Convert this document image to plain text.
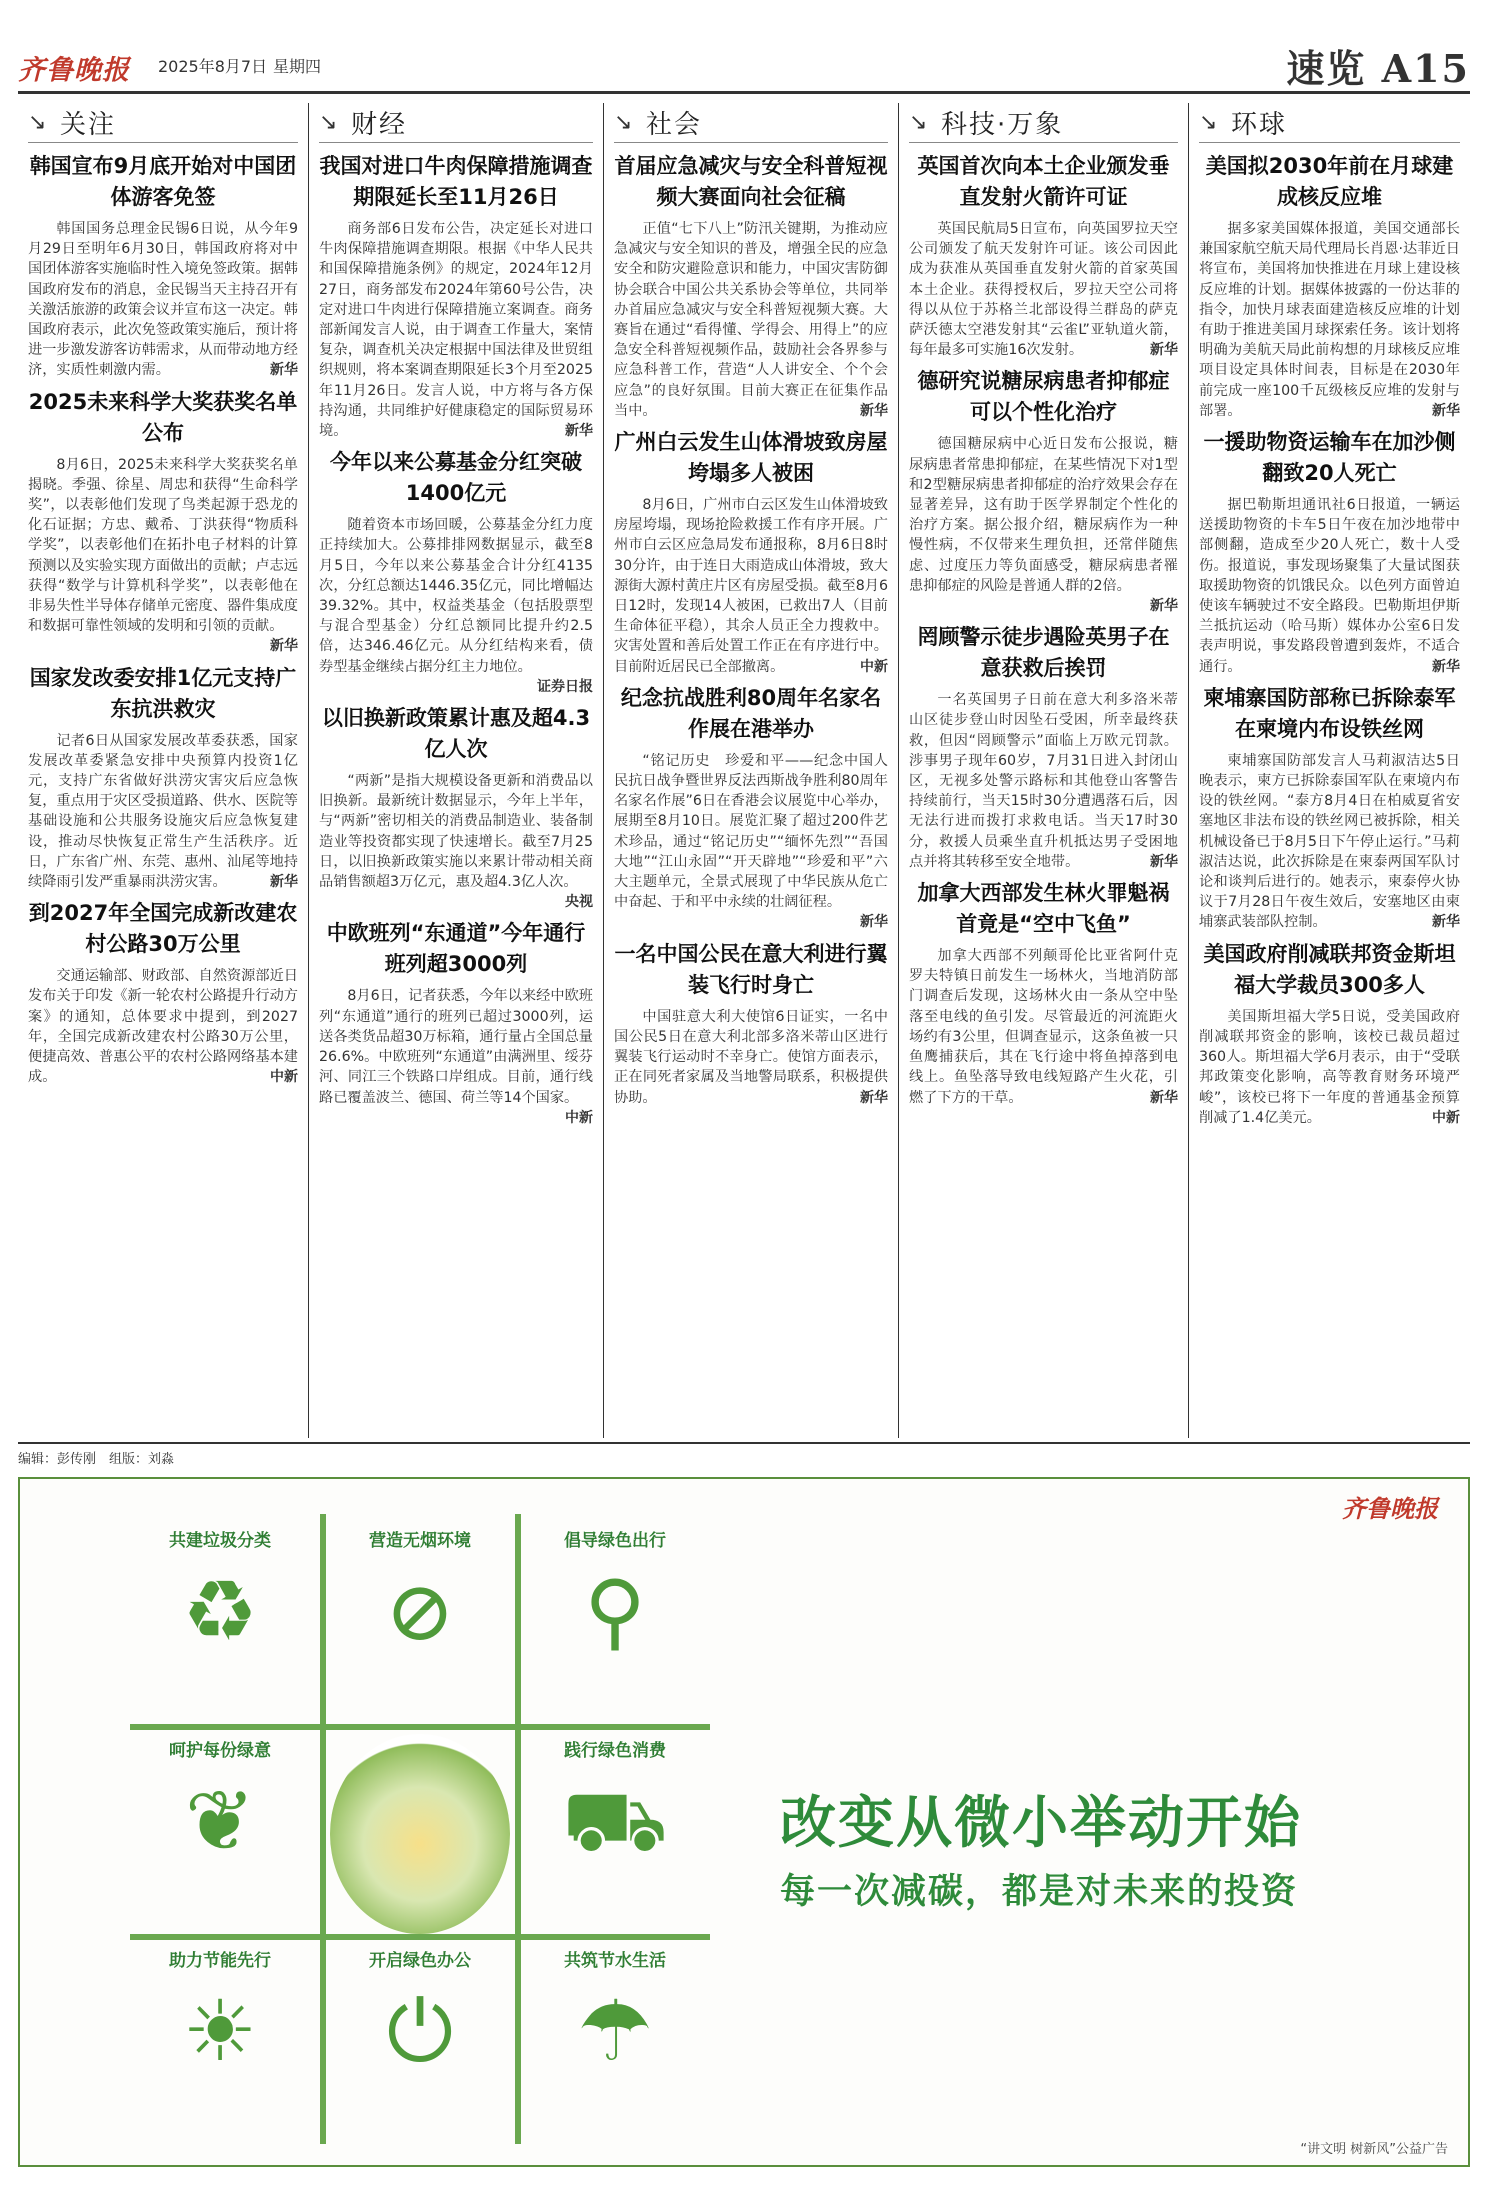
齐鲁晚报 2025年8月7日 星期四	速览 A15
↘ 关注
韩国宣布9月底开始对中国团体游客免签

韩国国务总理金民锡6日说，从今年9月29日至明年6月30日，韩国政府将对中国团体游客实施临时性入境免签政策。据韩国政府发布的消息，金民锡当天主持召开有关激活旅游的政策会议并宣布这一决定。韩国政府表示，此次免签政策实施后，预计将进一步激发游客访韩需求，从而带动地方经济，实质性刺激内需。	新华

2025未来科学大奖获奖名单公布

8月6日，2025未来科学大奖获奖名单揭晓。季强、徐星、周忠和获得“生命科学奖”，以表彰他们发现了鸟类起源于恐龙的化石证据；方忠、戴希、丁洪获得“物质科学奖”，以表彰他们在拓扑电子材料的计算预测以及实验实现方面做出的贡献；卢志远获得“数学与计算机科学奖”，以表彰他在非易失性半导体存储单元密度、器件集成度和数据可靠性领域的发明和引领的贡献。
新华

国家发改委安排1亿元支持广东抗洪救灾

记者6日从国家发展改革委获悉，国家发展改革委紧急安排中央预算内投资1亿元，支持广东省做好洪涝灾害灾后应急恢复，重点用于灾区受损道路、供水、医院等基础设施和公共服务设施灾后应急恢复建设，推动尽快恢复正常生产生活秩序。近日，广东省广州、东莞、惠州、汕尾等地持续降雨引发严重暴雨洪涝灾害。	新华

到2027年全国完成新改建农村公路30万公里

交通运输部、财政部、自然资源部近日发布关于印发《新一轮农村公路提升行动方案》的通知，总体要求中提到，到2027年，全国完成新改建农村公路30万公里，便捷高效、普惠公平的农村公路网络基本建成。	中新

↘ 财经
我国对进口牛肉保障措施调查期限延长至11月26日

商务部6日发布公告，决定延长对进口牛肉保障措施调查期限。根据《中华人民共和国保障措施条例》的规定，2024年12月27日，商务部发布2024年第60号公告，决定对进口牛肉进行保障措施立案调查。商务部新闻发言人说，由于调查工作量大，案情复杂，调查机关决定根据中国法律及世贸组织规则，将本案调查期限延长3个月至2025年11月26日。发言人说，中方将与各方保持沟通，共同维护好健康稳定的国际贸易环境。	新华

今年以来公募基金分红突破1400亿元

随着资本市场回暖，公募基金分红力度正持续加大。公募排排网数据显示，截至8月5日，今年以来公募基金合计分红4135次，分红总额达1446.35亿元，同比增幅达39.32%。其中，权益类基金（包括股票型与混合型基金）分红总额同比提升约2.5倍，达346.46亿元。从分红结构来看，债券型基金继续占据分红主力地位。
证券日报

以旧换新政策累计惠及超4.3亿人次

“两新”是指大规模设备更新和消费品以旧换新。最新统计数据显示，今年上半年，与“两新”密切相关的消费品制造业、装备制造业等投资都实现了快速增长。截至7月25日，以旧换新政策实施以来累计带动相关商品销售额超3万亿元，惠及超4.3亿人次。
央视

中欧班列“东通道”今年通行班列超3000列

8月6日，记者获悉，今年以来经中欧班列“东通道”通行的班列已超过3000列，运送各类货品超30万标箱，通行量占全国总量26.6%。中欧班列“东通道”由满洲里、绥芬河、同江三个铁路口岸组成。目前，通行线路已覆盖波兰、德国、荷兰等14个国家。
中新

↘ 社会
首届应急减灾与安全科普短视频大赛面向社会征稿

正值“七下八上”防汛关键期，为推动应急减灾与安全知识的普及，增强全民的应急安全和防灾避险意识和能力，中国灾害防御协会联合中国公共关系协会等单位，共同举办首届应急减灾与安全科普短视频大赛。大赛旨在通过“看得懂、学得会、用得上”的应急安全科普短视频作品，鼓励社会各界参与应急科普工作，营造“人人讲安全、个个会应急”的良好氛围。目前大赛正在征集作品当中。	新华

广州白云发生山体滑坡致房屋垮塌多人被困

8月6日，广州市白云区发生山体滑坡致房屋垮塌，现场抢险救援工作有序开展。广州市白云区应急局发布通报称，8月6日8时30分许，由于连日大雨造成山体滑坡，致大源街大源村黄庄片区有房屋受损。截至8月6日12时，发现14人被困，已救出7人（目前生命体征平稳），其余人员正全力搜救中。灾害处置和善后处置工作正在有序进行中。目前附近居民已全部撤离。	中新

纪念抗战胜利80周年名家名作展在港举办

“铭记历史　珍爱和平——纪念中国人民抗日战争暨世界反法西斯战争胜利80周年名家名作展”6日在香港会议展览中心举办，展期至8月10日。展览汇聚了超过200件艺术珍品，通过“铭记历史”“缅怀先烈”“吾国大地”“江山永固”“开天辟地”“珍爱和平”六大主题单元，全景式展现了中华民族从危亡中奋起、于和平中永续的壮阔征程。
新华

一名中国公民在意大利进行翼装飞行时身亡

中国驻意大利大使馆6日证实，一名中国公民5日在意大利北部多洛米蒂山区进行翼装飞行运动时不幸身亡。使馆方面表示，正在同死者家属及当地警局联系，积极提供协助。	新华

↘ 科技·万象
英国首次向本土企业颁发垂直发射火箭许可证

英国民航局5日宣布，向英国罗拉天空公司颁发了航天发射许可证。该公司因此成为获准从英国垂直发射火箭的首家英国本土企业。获得授权后，罗拉天空公司将得以从位于苏格兰北部设得兰群岛的萨克萨沃德太空港发射其“云雀L”亚轨道火箭，每年最多可实施16次发射。	新华

德研究说糖尿病患者抑郁症可以个性化治疗

德国糖尿病中心近日发布公报说，糖尿病患者常患抑郁症，在某些情况下对1型和2型糖尿病患者抑郁症的治疗效果会存在显著差异，这有助于医学界制定个性化的治疗方案。据公报介绍，糖尿病作为一种慢性病，不仅带来生理负担，还常伴随焦虑、过度压力等负面感受，糖尿病患者罹患抑郁症的风险是普通人群的2倍。
新华

罔顾警示徒步遇险英男子在意获救后挨罚

一名英国男子日前在意大利多洛米蒂山区徒步登山时因坠石受困，所幸最终获救，但因“罔顾警示”面临上万欧元罚款。涉事男子现年60岁，7月31日进入封闭山区，无视多处警示路标和其他登山客警告持续前行，当天15时30分遭遇落石后，因无法行进而拨打求救电话。当天17时30分，救援人员乘坐直升机抵达男子受困地点并将其转移至安全地带。	新华

加拿大西部发生林火罪魁祸首竟是“空中飞鱼”

加拿大西部不列颠哥伦比亚省阿什克罗夫特镇日前发生一场林火，当地消防部门调查后发现，这场林火由一条从空中坠落至电线的鱼引发。尽管最近的河流距火场约有3公里，但调查显示，这条鱼被一只鱼鹰捕获后，其在飞行途中将鱼掉落到电线上。鱼坠落导致电线短路产生火花，引燃了下方的干草。	新华

↘ 环球
美国拟2030年前在月球建成核反应堆

据多家美国媒体报道，美国交通部长兼国家航空航天局代理局长肖恩·达菲近日将宣布，美国将加快推进在月球上建设核反应堆的计划。据媒体披露的一份达菲的指令，加快月球表面建造核反应堆的计划有助于推进美国月球探索任务。该计划将明确为美航天局此前构想的月球核反应堆项目设定具体时间表，目标是在2030年前完成一座100千瓦级核反应堆的发射与部署。	新华

一援助物资运输车在加沙侧翻致20人死亡

据巴勒斯坦通讯社6日报道，一辆运送援助物资的卡车5日午夜在加沙地带中部侧翻，造成至少20人死亡，数十人受伤。报道说，事发现场聚集了大量试图获取援助物资的饥饿民众。以色列方面曾迫使该车辆驶过不安全路段。巴勒斯坦伊斯兰抵抗运动（哈马斯）媒体办公室6日发表声明说，事发路段曾遭到轰炸，不适合通行。	新华

柬埔寨国防部称已拆除泰军在柬境内布设铁丝网

柬埔寨国防部发言人马莉淑洁达5日晚表示，柬方已拆除泰国军队在柬境内布设的铁丝网。“泰方8月4日在柏威夏省安塞地区非法布设的铁丝网已被拆除，相关机械设备已于8月5日下午停止运行。”马莉淑洁达说，此次拆除是在柬泰两国军队讨论和谈判后进行的。她表示，柬泰停火协议于7月28日午夜生效后，安塞地区由柬埔寨武装部队控制。	新华

美国政府削减联邦资金斯坦福大学裁员300多人

美国斯坦福大学5日说，受美国政府削减联邦资金的影响，该校已裁员超过360人。斯坦福大学6月表示，由于“受联邦政策变化影响，高等教育财务环境严峻”，该校已将下一年度的普通基金预算削减了1.4亿美元。	中新

编辑：彭传刚　组版：刘淼
共建垃圾分类
♻
营造无烟环境
⊘
倡导绿色出行
⚲
呵护每份绿意
❦
践行绿色消费
⛟
助力节能先行
☀
开启绿色办公
⏻
共筑节水生活
☂
齐鲁晚报
改变从微小举动开始
每一次减碳，都是对未来的投资
“讲文明 树新风”公益广告
